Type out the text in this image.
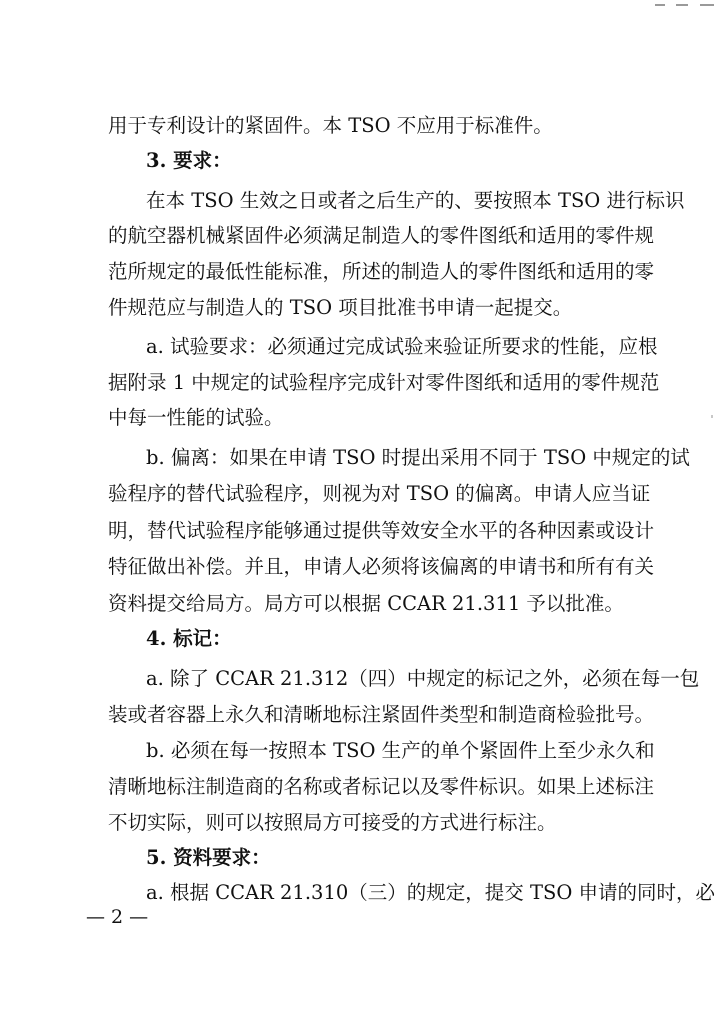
用于专利设计的紧固件。本 TSO 不应用于标准件。
3. 要求：
在本 TSO 生效之日或者之后生产的、要按照本 TSO 进行标识
的航空器机械紧固件必须满足制造人的零件图纸和适用的零件规
范所规定的最低性能标准，所述的制造人的零件图纸和适用的零
件规范应与制造人的 TSO 项目批准书申请一起提交。
a. 试验要求：必须通过完成试验来验证所要求的性能，应根
据附录 1 中规定的试验程序完成针对零件图纸和适用的零件规范
中每一性能的试验。
b. 偏离：如果在申请 TSO 时提出采用不同于 TSO 中规定的试
验程序的替代试验程序，则视为对 TSO 的偏离。申请人应当证
明，替代试验程序能够通过提供等效安全水平的各种因素或设计
特征做出补偿。并且，申请人必须将该偏离的申请书和所有有关
资料提交给局方。局方可以根据 CCAR 21.311 予以批准。
4. 标记：
a. 除了 CCAR 21.312（四）中规定的标记之外，必须在每一包
装或者容器上永久和清晰地标注紧固件类型和制造商检验批号。
b. 必须在每一按照本 TSO 生产的单个紧固件上至少永久和
清晰地标注制造商的名称或者标记以及零件标识。如果上述标注
不切实际，则可以按照局方可接受的方式进行标注。
5. 资料要求：
a. 根据 CCAR 21.310（三）的规定，提交 TSO 申请的同时，必
— 2 —
